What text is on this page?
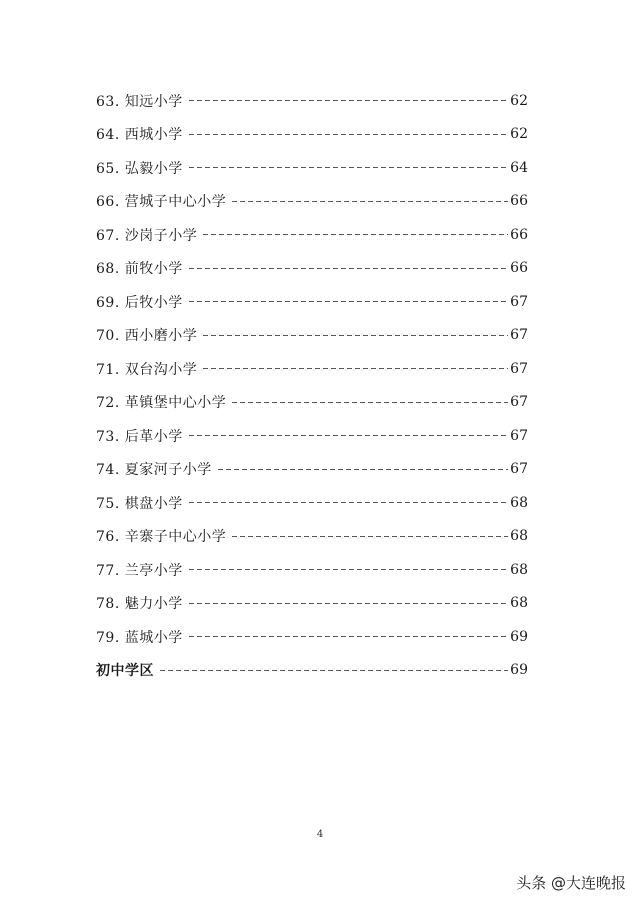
63. 知远小学	62
64. 西城小学	62
65. 弘毅小学	64
66. 营城子中心小学	66
67. 沙岗子小学	66
68. 前牧小学	66
69. 后牧小学	67
70. 西小磨小学	67
71. 双台沟小学	67
72. 革镇堡中心小学	67
73. 后革小学	67
74. 夏家河子小学	67
75. 棋盘小学	68
76. 辛寨子中心小学	68
77. 兰亭小学	68
78. 魅力小学	68
79. 蓝城小学	69
初中学区	69
4
头条 @大连晚报
